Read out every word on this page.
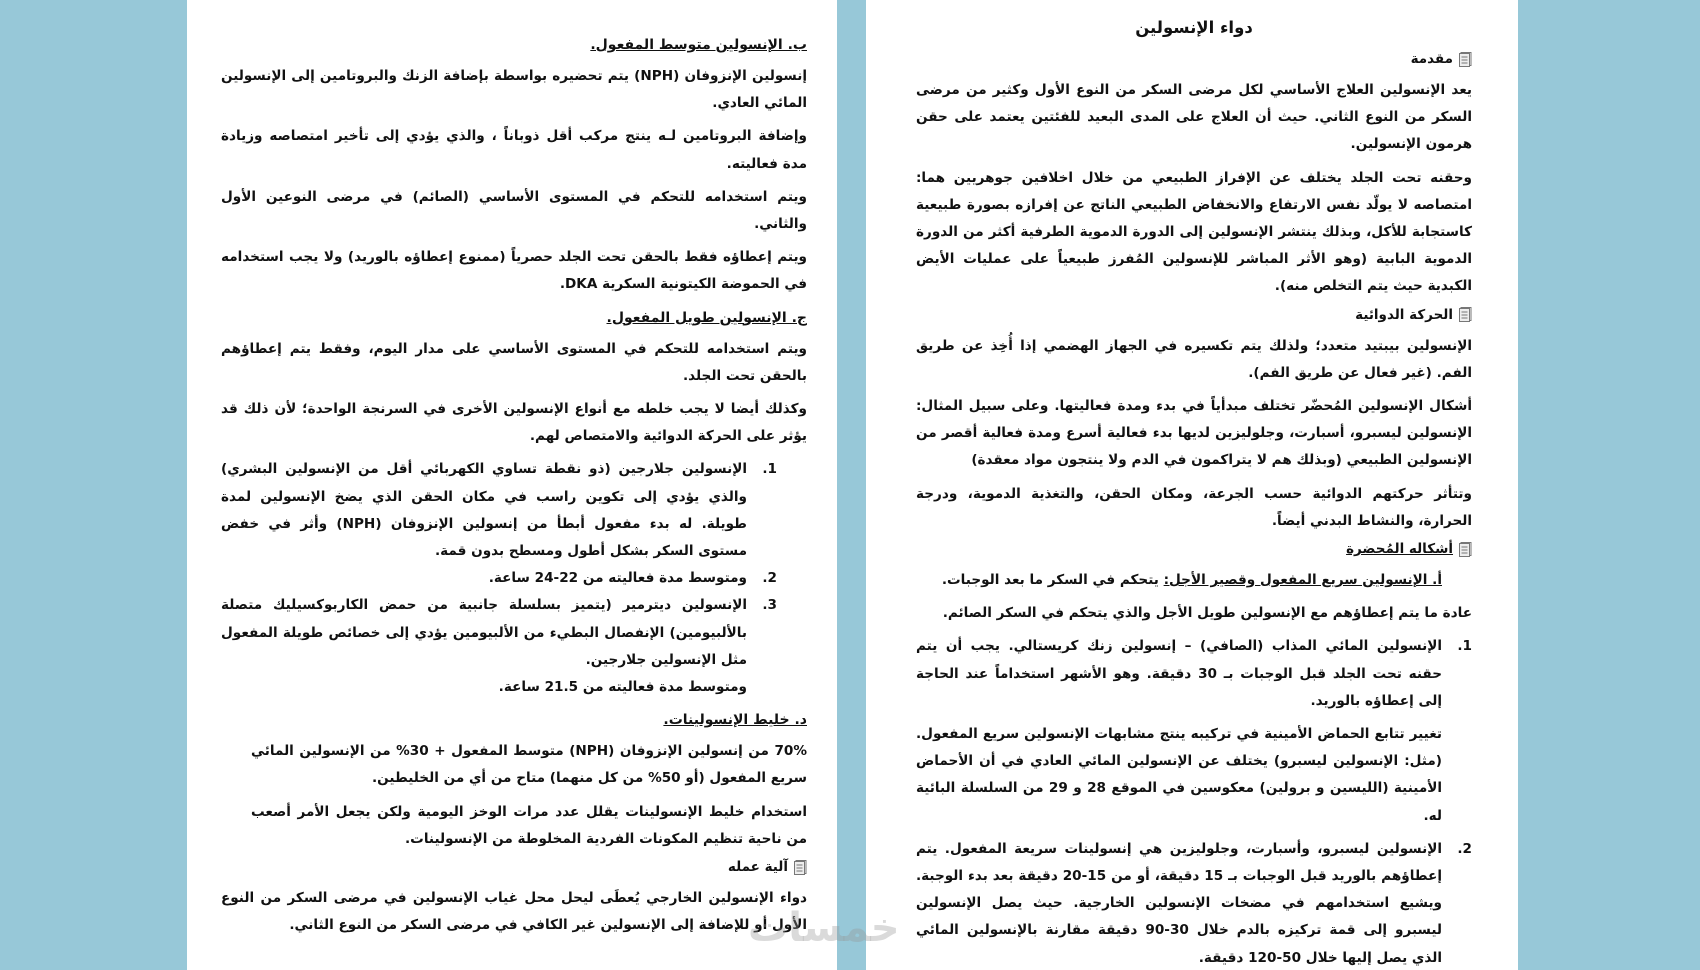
دواء الإنسولين
مقدمة

يعد الإنسولين العلاج الأساسي لكل مرضى السكر من النوع الأول وكثير من مرضى السكر من النوع الثاني. حيث أن العلاج على المدى البعيد للفئتين يعتمد على حقن هرمون الإنسولين.

وحقنه تحت الجلد يختلف عن الإفراز الطبيعي من خلال اخلافين جوهريين هما: امتصاصه لا يولّد نفس الارتفاع والانخفاض الطبيعي الناتج عن إفرازه بصورة طبيعية كاستجابة للأكل، وبذلك ينتشر الإنسولين إلى الدورة الدموية الطرفية أكثر من الدورة الدموية البابية (وهو الأثر المباشر للإنسولين المُفرز طبيعياً على عمليات الأيض الكبدية حيث يتم التخلص منه).

الحركة الدوائية

الإنسولين بيبتيد متعدد؛ ولذلك يتم تكسيره في الجهاز الهضمي إذا أُخِذ عن طريق الفم. (غير فعال عن طريق الفم).

أشكال الإنسولين المُحضّر تختلف مبدأياً في بدء ومدة فعاليتها. وعلى سبيل المثال: الإنسولين ليسبرو، أسبارت، وجلوليزين لديها بدء فعالية أسرع ومدة فعالية أقصر من الإنسولين الطبيعي (وبذلك هم لا يتراكمون في الدم ولا ينتجون مواد معقدة)

وتتأثر حركتهم الدوائية حسب الجرعة، ومكان الحقن، والتغذية الدموية، ودرجة الحرارة، والنشاط البدني أيضاً.

أشكاله المُحضرة

أ. الإنسولين سريع المفعول وقصير الأجل: يتحكم في السكر ما بعد الوجبات.

عادة ما يتم إعطاؤهم مع الإنسولين طويل الأجل والذي يتحكم في السكر الصائم.

1.
الإنسولين المائي المذاب (الصافي) – إنسولين زنك كريستالي. يجب أن يتم حقنه تحت الجلد قبل الوجبات بـ 30 دقيقة. وهو الأشهر استخداماً عند الحاجة إلى إعطاؤه بالوريد.

تغيير تتابع الحماض الأمينية في تركيبه ينتج مشابهات الإنسولين سريع المفعول. (مثل: الإنسولين ليسبرو) يختلف عن الإنسولين المائي العادي في أن الأحماض الأمينية (الليسين و برولين) معكوسين في الموقع 28 و 29 من السلسلة البائية له.

2.
الإنسولين ليسبرو، وأسبارت، وجلوليزين هي إنسولينات سريعة المفعول. يتم إعطاؤهم بالوريد قبل الوجبات بـ 15 دقيقة، أو من 15-20 دقيقة بعد بدء الوجبة. ويشيع استخدامهم في مضخات الإنسولين الخارجية. حيث يصل الإنسولين ليسبرو إلى قمة تركيزه بالدم خلال 30-90 دقيقة مقارنة بالإنسولين المائي الذي يصل إليها خلال 50-120 دقيقة.
ب. الإنسولين متوسط المفعول.

إنسولين الإنزوفان (NPH) يتم تحضيره بواسطة بإضافة الزنك والبروتامين إلى الإنسولين المائي العادي.

وإضافة البروتامين لـه ينتج مركب أقل ذوباناً ، والذي يؤدي إلى تأخير امتصاصه وزيادة مدة فعاليته.

ويتم استخدامه للتحكم في المستوى الأساسي (الصائم) في مرضى النوعين الأول والثاني.

ويتم إعطاؤه فقط بالحقن تحت الجلد حصرياً (ممنوع إعطاؤه بالوريد) ولا يجب استخدامه في الحموضة الكيتونية السكرية DKA.

ج. الإنسولين طويل المفعول.

ويتم استخدامه للتحكم في المستوى الأساسي على مدار اليوم، وفقط يتم إعطاؤهم بالحقن تحت الجلد.

وكذلك أيضا لا يجب خلطه مع أنواع الإنسولين الأخرى في السرنجة الواحدة؛ لأن ذلك قد يؤثر على الحركة الدوائية والامتصاص لهم.

1.
الإنسولين جلارجين (ذو نقطة تساوي الكهربائي أقل من الإنسولين البشري) والذي يؤدي إلى تكوين راسب في مكان الحقن الذي يضخ الإنسولين لمدة طويلة. له بدء مفعول أبطأ من إنسولين الإنزوفان (NPH) وأثر في خفض مستوى السكر بشكل أطول ومسطح بدون قمة.
2.
ومتوسط مدة فعاليته من 22-24 ساعة.
3.
الإنسولين ديترمير (يتميز بسلسلة جانبية من حمض الكاربوكسيليك متصلة بالألبيومين) الإنفصال البطيء من الألبيومين يؤدي إلى خصائص طويلة المفعول مثل الإنسولين جلارجين.
ومتوسط مدة فعاليته من 21.5 ساعة.
د. خليط الإنسولينات.

70% من إنسولين الإنزوفان (NPH) متوسط المفعول + 30% من الإنسولين المائي سريع المفعول (أو 50% من كل منهما) متاح من أي من الخليطين.

استخدام خليط الإنسولينات يقلل عدد مرات الوخز اليومية ولكن يجعل الأمر أصعب من ناحية تنظيم المكونات الفردية المخلوطة من الإنسولينات.

آلية عمله

دواء الإنسولين الخارجي يُعطَى ليحل محل غياب الإنسولين في مرضى السكر من النوع الأول أو للإضافة إلى الإنسولين غير الكافي في مرضى السكر من النوع الثاني.

خمسات
